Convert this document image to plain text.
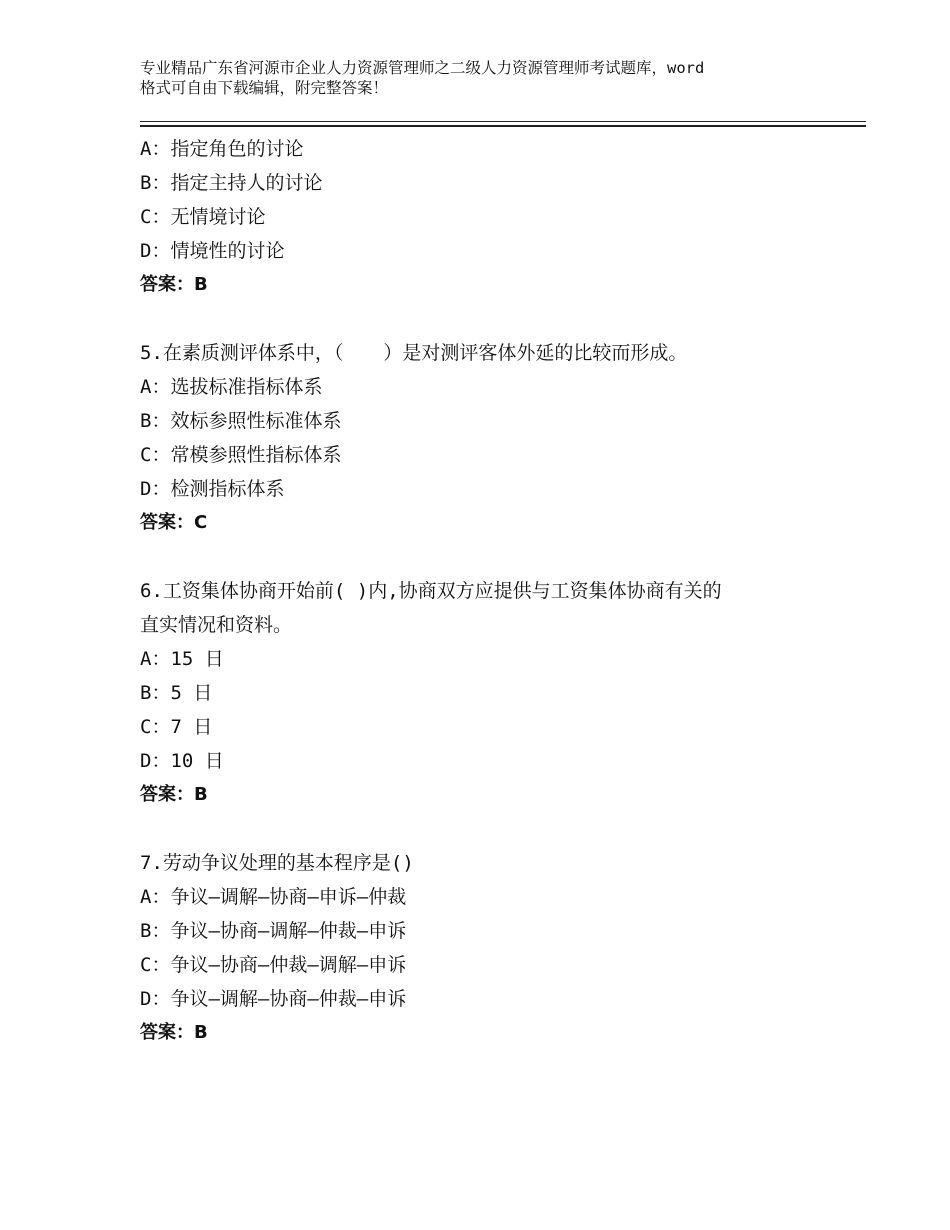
专业精品广东省河源市企业人力资源管理师之二级人力资源管理师考试题库，word
格式可自由下载编辑，附完整答案！
A：指定角色的讨论
B：指定主持人的讨论
C：无情境讨论
D：情境性的讨论
答案：B
5.在素质测评体系中，（ ）是对测评客体外延的比较而形成。
A：选拔标准指标体系
B：效标参照性标准体系
C：常模参照性指标体系
D：检测指标体系
答案：C
6.工资集体协商开始前( )内,协商双方应提供与工资集体协商有关的
直实情况和资料。
A：15 日
B：5 日
C：7 日
D：10 日
答案：B
7.劳动争议处理的基本程序是()
A：争议—调解—协商—申诉—仲裁
B：争议—协商—调解—仲裁—申诉
C：争议—协商—仲裁—调解—申诉
D：争议—调解—协商—仲裁—申诉
答案：B
